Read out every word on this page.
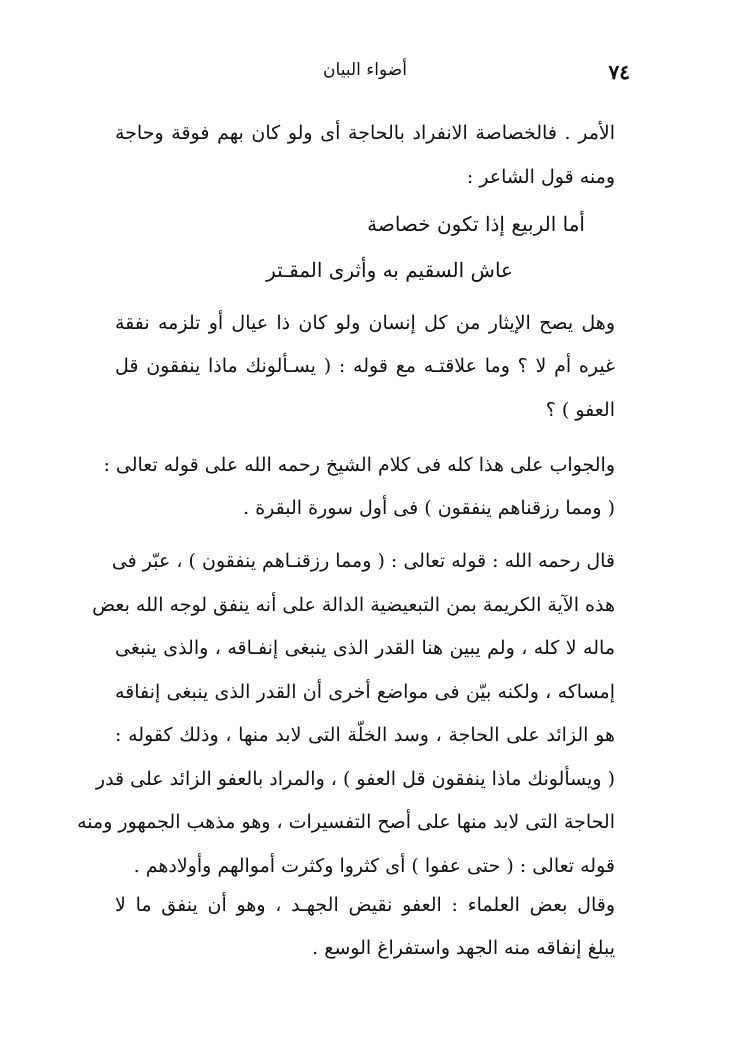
٧٤
أضواء البيان
الأمر . فالخصاصة الانفراد بالحاجة أى ولو كان بهم فوقة وحاجة
ومنه قول الشاعر :
أما الربيع إذا تكون خصاصة
عاش السقيم به وأثرى المقـتر
وهل يصح الإيثار من كل إنسان ولو كان ذا عيال أو تلزمه نفقة
غيره أم لا ؟ وما علاقتـه مع قوله : ( يسـألونك ماذا ينفقون قل
العفو ) ؟
والجواب على هذا كله فى كلام الشيخ رحمه الله على قوله تعالى :
( ومما رزقناهم ينفقون ) فى أول سورة البقرة .
قال رحمه الله : قوله تعالى : ( ومما رزقنـاهم ينفقون ) ، عبّر فى
هذه الآية الكريمة بمن التبعيضية الدالة على أنه ينفق لوجه الله بعض
ماله لا كله ، ولم يبين هنا القدر الذى ينبغى إنفـاقه ، والذى ينبغى
إمساكه ، ولكنه بيّن فى مواضع أخرى أن القدر الذى ينبغى إنفاقه
هو الزائد على الحاجة ، وسد الخلّة التى لابد منها ، وذلك كقوله :
( ويسألونك ماذا ينفقون قل العفو ) ، والمراد بالعفو الزائد على قدر
الحاجة التى لابد منها على أصح التفسيرات ، وهو مذهب الجمهور ومنه
قوله تعالى : ( حتى عفوا ) أى كثروا وكثرت أموالهم وأولادهم .
وقال بعض العلماء : العفو نقيض الجهـد ، وهو أن ينفق ما لا
يبلغ إنفاقه منه الجهد واستفراغ الوسع .
